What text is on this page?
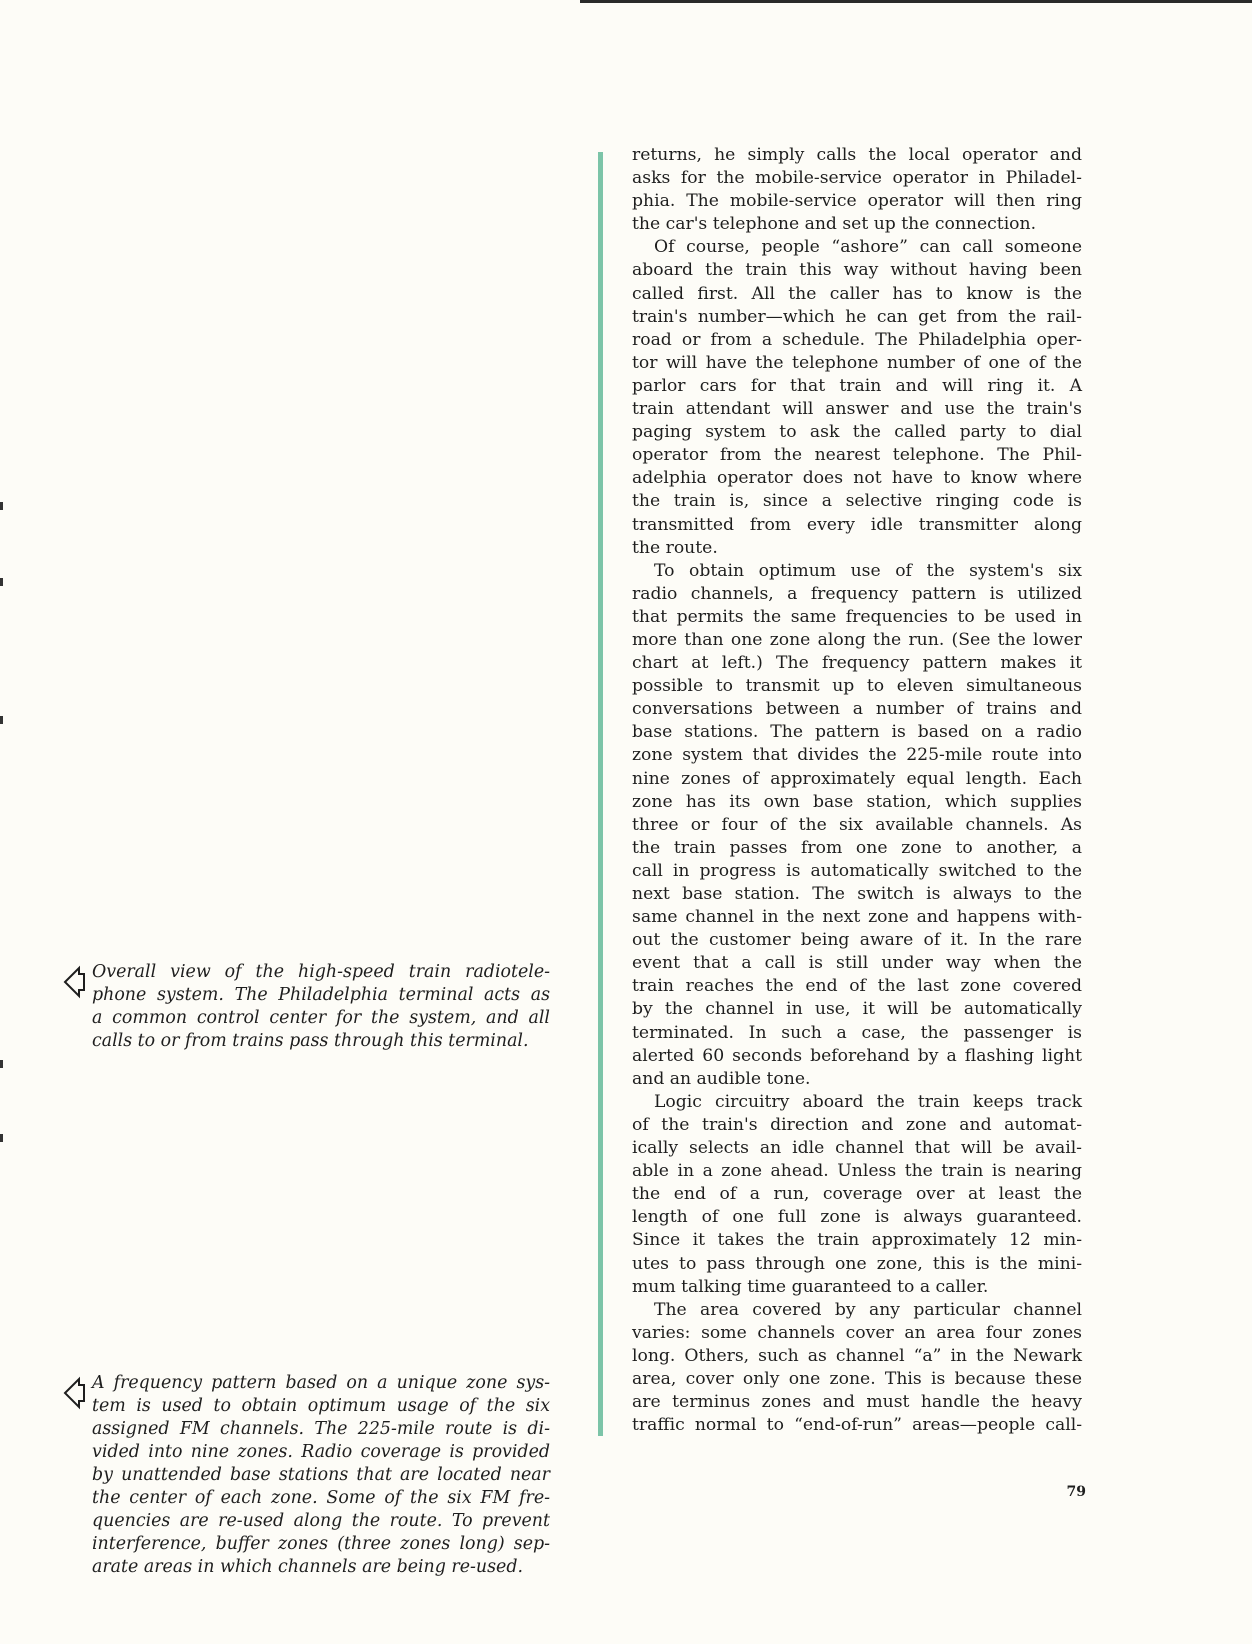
Overall view of the high-speed train radiotele-
phone system. The Philadelphia terminal acts as
a common control center for the system, and all
calls to or from trains pass through this terminal.
A frequency pattern based on a unique zone sys-
tem is used to obtain optimum usage of the six
assigned FM channels. The 225-mile route is di-
vided into nine zones. Radio coverage is provided
by unattended base stations that are located near
the center of each zone. Some of the six FM fre-
quencies are re-used along the route. To prevent
interference, buffer zones (three zones long) sep-
arate areas in which channels are being re-used.
returns, he simply calls the local operator and
asks for the mobile-service operator in Philadel-
phia. The mobile-service operator will then ring
the car's telephone and set up the connection.
Of course, people “ashore” can call someone
aboard the train this way without having been
called first. All the caller has to know is the
train's number—which he can get from the rail-
road or from a schedule. The Philadelphia oper-
tor will have the telephone number of one of the
parlor cars for that train and will ring it. A
train attendant will answer and use the train's
paging system to ask the called party to dial
operator from the nearest telephone. The Phil-
adelphia operator does not have to know where
the train is, since a selective ringing code is
transmitted from every idle transmitter along
the route.
To obtain optimum use of the system's six
radio channels, a frequency pattern is utilized
that permits the same frequencies to be used in
more than one zone along the run. (See the lower
chart at left.) The frequency pattern makes it
possible to transmit up to eleven simultaneous
conversations between a number of trains and
base stations. The pattern is based on a radio
zone system that divides the 225-mile route into
nine zones of approximately equal length. Each
zone has its own base station, which supplies
three or four of the six available channels. As
the train passes from one zone to another, a
call in progress is automatically switched to the
next base station. The switch is always to the
same channel in the next zone and happens with-
out the customer being aware of it. In the rare
event that a call is still under way when the
train reaches the end of the last zone covered
by the channel in use, it will be automatically
terminated. In such a case, the passenger is
alerted 60 seconds beforehand by a flashing light
and an audible tone.
Logic circuitry aboard the train keeps track
of the train's direction and zone and automat-
ically selects an idle channel that will be avail-
able in a zone ahead. Unless the train is nearing
the end of a run, coverage over at least the
length of one full zone is always guaranteed.
Since it takes the train approximately 12 min-
utes to pass through one zone, this is the mini-
mum talking time guaranteed to a caller.
The area covered by any particular channel
varies: some channels cover an area four zones
long. Others, such as channel “a” in the Newark
area, cover only one zone. This is because these
are terminus zones and must handle the heavy
traffic normal to “end-of-run” areas—people call-
79
